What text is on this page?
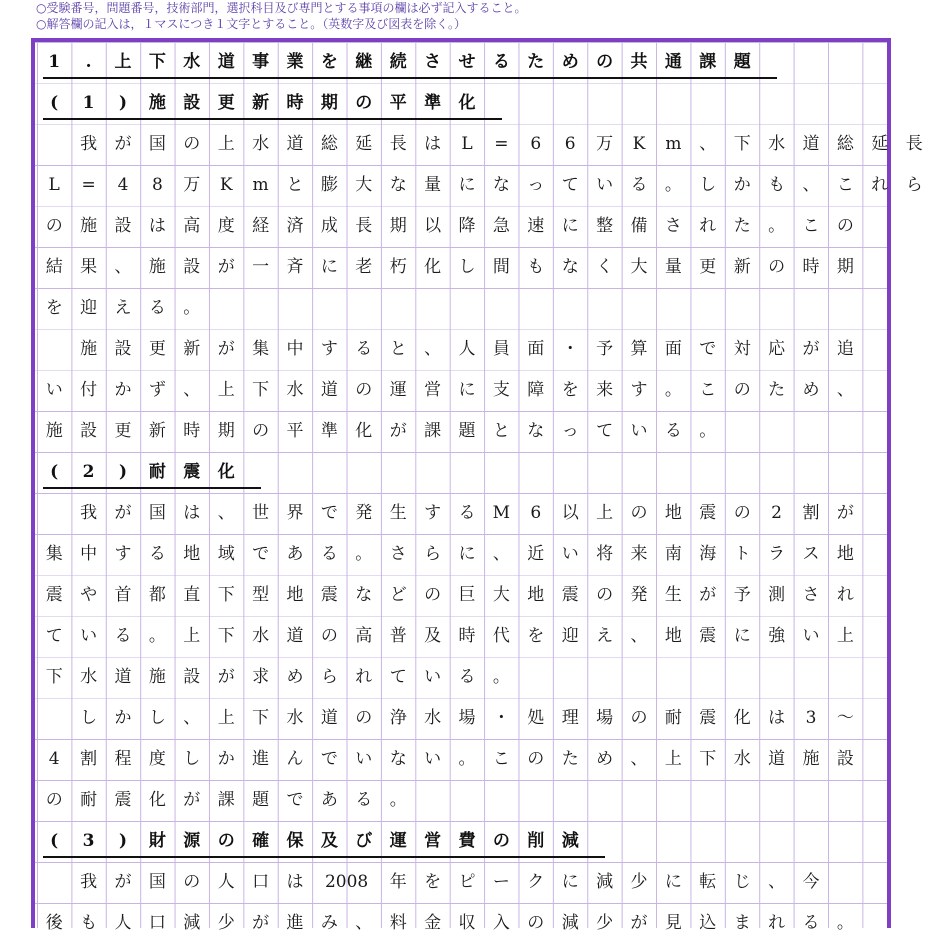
○受験番号，問題番号，技術部門，選択科目及び専門とする事項の欄は必ず記入すること。
○解答欄の記入は，１マスにつき１文字とすること。（英数字及び図表を除く。）
1	.	上	下	水	道	事	業	を	継	続	さ	せ	る	た	め	の	共	通	課	題
(	1	)	施	設	更	新	時	期	の	平	準	化
我	が	国	の	上	水	道	総	延	長	は	L	=	6	6	万	K	m	、	下	水	道	総	延	長
L	=	4	8	万	K	m	と	膨	大	な	量	に	な	っ	て	い	る	。	し	か	も	、	こ	れ	ら
の	施	設	は	高	度	経	済	成	長	期	以	降	急	速	に	整	備	さ	れ	た	。	こ	の
結	果	、	施	設	が	一	斉	に	老	朽	化	し	間	も	な	く	大	量	更	新	の	時	期
を	迎	え	る	。
施	設	更	新	が	集	中	す	る	と	、	人	員	面	・	予	算	面	で	対	応	が	追
い	付	か	ず	、	上	下	水	道	の	運	営	に	支	障	を	来	す	。	こ	の	た	め	、
施	設	更	新	時	期	の	平	準	化	が	課	題	と	な	っ	て	い	る	。
(	2	)	耐	震	化
我	が	国	は	、	世	界	で	発	生	す	る	M	6	以	上	の	地	震	の	2	割	が
集	中	す	る	地	域	で	あ	る	。	さ	ら	に	、	近	い	将	来	南	海	ト	ラ	ス	地
震	や	首	都	直	下	型	地	震	な	ど	の	巨	大	地	震	の	発	生	が	予	測	さ	れ
て	い	る	。	上	下	水	道	の	高	普	及	時	代	を	迎	え	、	地	震	に	強	い	上
下	水	道	施	設	が	求	め	ら	れ	て	い	る	。
し	か	し	、	上	下	水	道	の	浄	水	場	・	処	理	場	の	耐	震	化	は	3	〜
4	割	程	度	し	か	進	ん	で	い	な	い	。	こ	の	た	め	、	上	下	水	道	施	設
の	耐	震	化	が	課	題	で	あ	る	。
(	3	)	財	源	の	確	保	及	び	運	営	費	の	削	減
我	が	国	の	人	口	は	2008	年	を	ピ	ー	ク	に	減	少	に	転	じ	、	今
後	も	人	口	減	少	が	進	み	、	料	金	収	入	の	減	少	が	見	込	ま	れ	る	。
